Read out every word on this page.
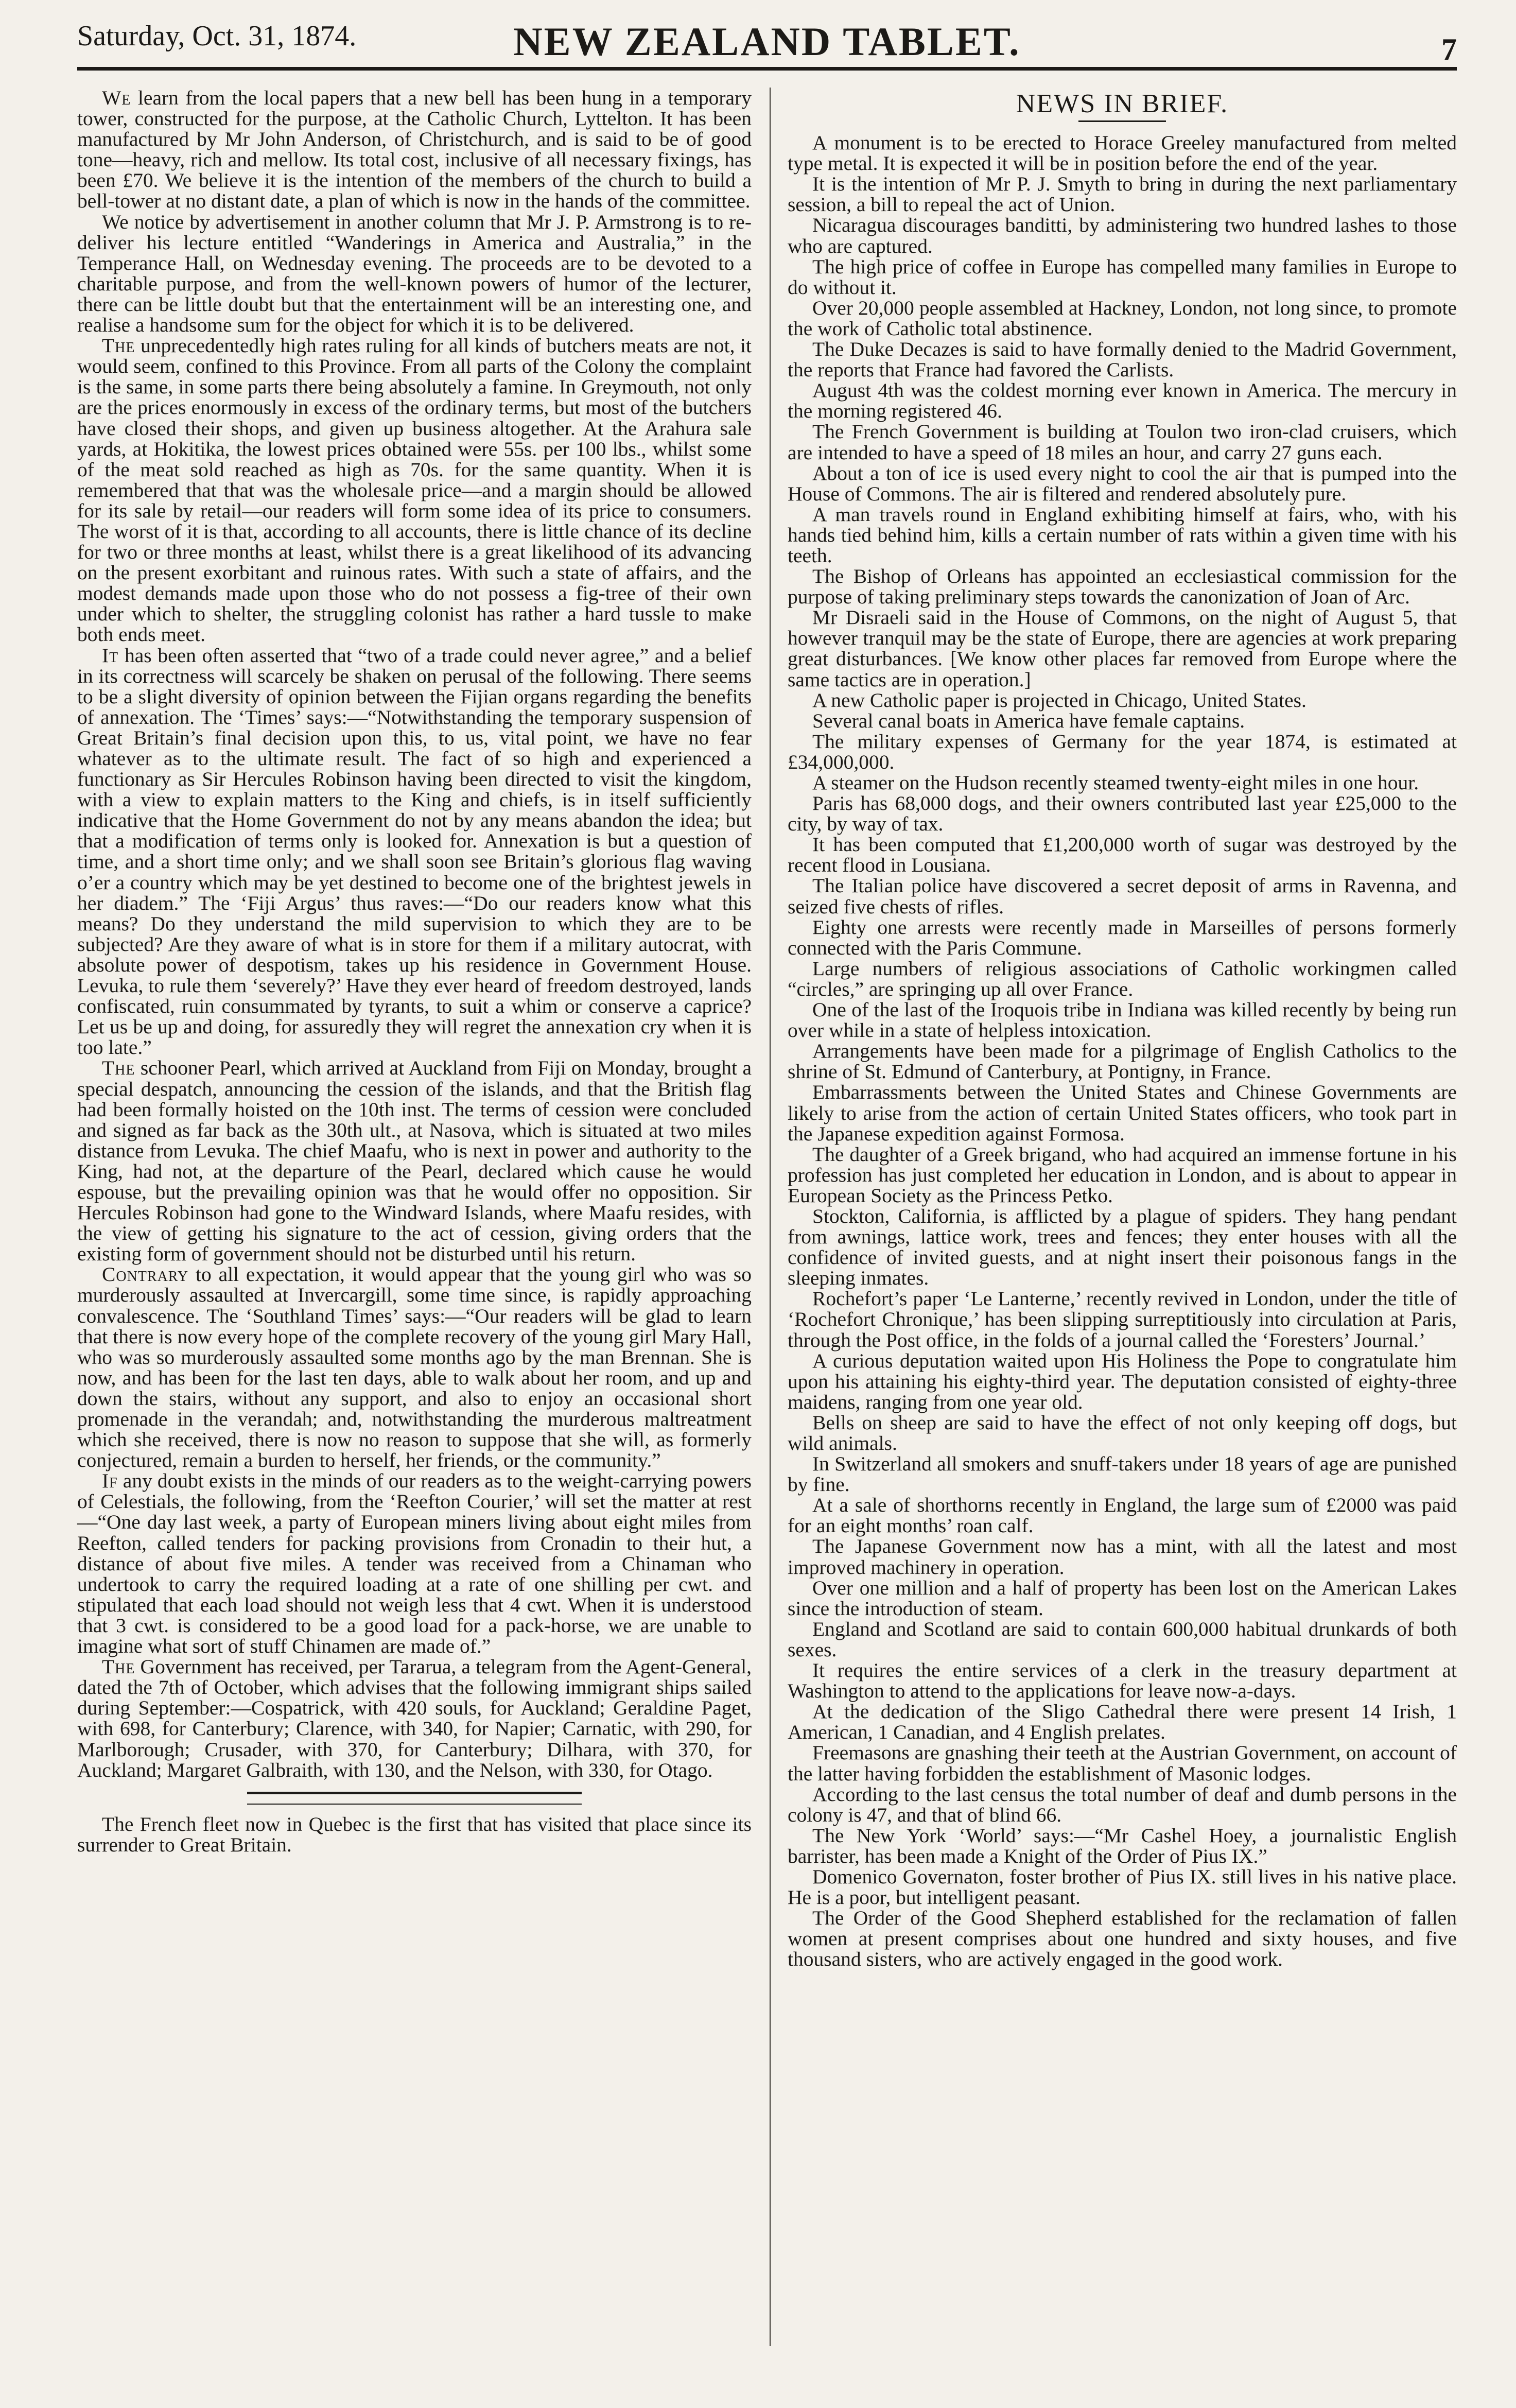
Saturday, Oct. 31, 1874.	NEW ZEALAND TABLET.	7

We learn from the local papers that a new bell has been hung in a temporary tower, constructed for the purpose, at the Catholic Church, Lyttelton. It has been manufactured by Mr John Anderson, of Christchurch, and is said to be of good tone—heavy, rich and mellow. Its total cost, inclusive of all necessary fixings, has been £70. We believe it is the intention of the members of the church to build a bell-tower at no distant date, a plan of which is now in the hands of the committee.

We notice by advertisement in another column that Mr J. P. Armstrong is to re-deliver his lecture entitled “Wanderings in America and Australia,” in the Temperance Hall, on Wednesday evening. The proceeds are to be devoted to a charitable purpose, and from the well-known powers of humor of the lecturer, there can be little doubt but that the entertainment will be an interesting one, and realise a handsome sum for the object for which it is to be delivered.

The unprecedentedly high rates ruling for all kinds of butchers meats are not, it would seem, confined to this Province. From all parts of the Colony the complaint is the same, in some parts there being absolutely a famine. In Greymouth, not only are the prices enormously in excess of the ordinary terms, but most of the butchers have closed their shops, and given up business altogether. At the Arahura sale yards, at Hokitika, the lowest prices obtained were 55s. per 100 lbs., whilst some of the meat sold reached as high as 70s. for the same quantity. When it is remembered that that was the wholesale price—and a margin should be allowed for its sale by retail—our readers will form some idea of its price to consumers. The worst of it is that, according to all accounts, there is little chance of its decline for two or three months at least, whilst there is a great likelihood of its advancing on the present exorbitant and ruinous rates. With such a state of affairs, and the modest demands made upon those who do not possess a fig-tree of their own under which to shelter, the struggling colonist has rather a hard tussle to make both ends meet.

It has been often asserted that “two of a trade could never agree,” and a belief in its correctness will scarcely be shaken on perusal of the following. There seems to be a slight diversity of opinion between the Fijian organs regarding the benefits of annexation. The ‘Times’ says:—“Notwithstanding the temporary suspension of Great Britain’s final decision upon this, to us, vital point, we have no fear whatever as to the ultimate result. The fact of so high and experienced a functionary as Sir Hercules Robinson having been directed to visit the kingdom, with a view to explain matters to the King and chiefs, is in itself sufficiently indicative that the Home Government do not by any means abandon the idea; but that a modification of terms only is looked for. Annexation is but a question of time, and a short time only; and we shall soon see Britain’s glorious flag waving o’er a country which may be yet destined to become one of the brightest jewels in her diadem.” The ‘Fiji Argus’ thus raves:—“Do our readers know what this means? Do they understand the mild supervision to which they are to be subjected? Are they aware of what is in store for them if a military autocrat, with absolute power of despotism, takes up his residence in Government House. Levuka, to rule them ‘severely?’ Have they ever heard of freedom destroyed, lands confiscated, ruin consummated by tyrants, to suit a whim or conserve a caprice? Let us be up and doing, for assuredly they will regret the annexation cry when it is too late.”

The schooner Pearl, which arrived at Auckland from Fiji on Monday, brought a special despatch, announcing the cession of the islands, and that the British flag had been formally hoisted on the 10th inst. The terms of cession were concluded and signed as far back as the 30th ult., at Nasova, which is situated at two miles distance from Levuka. The chief Maafu, who is next in power and authority to the King, had not, at the departure of the Pearl, declared which cause he would espouse, but the prevailing opinion was that he would offer no opposition. Sir Hercules Robinson had gone to the Windward Islands, where Maafu resides, with the view of getting his signature to the act of cession, giving orders that the existing form of government should not be disturbed until his return.

Contrary to all expectation, it would appear that the young girl who was so murderously assaulted at Invercargill, some time since, is rapidly approaching convalescence. The ‘Southland Times’ says:—“Our readers will be glad to learn that there is now every hope of the complete recovery of the young girl Mary Hall, who was so murderously assaulted some months ago by the man Brennan. She is now, and has been for the last ten days, able to walk about her room, and up and down the stairs, without any support, and also to enjoy an occasional short promenade in the verandah; and, notwithstanding the murderous maltreatment which she received, there is now no reason to suppose that she will, as formerly conjectured, remain a burden to herself, her friends, or the community.”

If any doubt exists in the minds of our readers as to the weight-carrying powers of Celestials, the following, from the ‘Reefton Courier,’ will set the matter at rest—“One day last week, a party of European miners living about eight miles from Reefton, called tenders for packing provisions from Cronadin to their hut, a distance of about five miles. A tender was received from a Chinaman who undertook to carry the required loading at a rate of one shilling per cwt. and stipulated that each load should not weigh less that 4 cwt. When it is understood that 3 cwt. is considered to be a good load for a pack-horse, we are unable to imagine what sort of stuff Chinamen are made of.”

The Government has received, per Tararua, a telegram from the Agent-General, dated the 7th of October, which advises that the following immigrant ships sailed during September:—Cospatrick, with 420 souls, for Auckland; Geraldine Paget, with 698, for Canterbury; Clarence, with 340, for Napier; Carnatic, with 290, for Marlborough; Crusader, with 370, for Canterbury; Dilhara, with 370, for Auckland; Margaret Galbraith, with 130, and the Nelson, with 330, for Otago.

The French fleet now in Quebec is the first that has visited that place since its surrender to Great Britain.

NEWS IN BRIEF.

A monument is to be erected to Horace Greeley manufactured from melted type metal. It is expected it will be in position before the end of the year.

It is the intention of Mr P. J. Smyth to bring in during the next parliamentary session, a bill to repeal the act of Union.

Nicaragua discourages banditti, by administering two hundred lashes to those who are captured.

The high price of coffee in Europe has compelled many families in Europe to do without it.

Over 20,000 people assembled at Hackney, London, not long since, to promote the work of Catholic total abstinence.

The Duke Decazes is said to have formally denied to the Madrid Government, the reports that France had favored the Carlists.

August 4th was the coldest morning ever known in America. The mercury in the morning registered 46.

The French Government is building at Toulon two iron-clad cruisers, which are intended to have a speed of 18 miles an hour, and carry 27 guns each.

About a ton of ice is used every night to cool the air that is pumped into the House of Commons. The air is filtered and rendered absolutely pure.

A man travels round in England exhibiting himself at fairs, who, with his hands tied behind him, kills a certain number of rats within a given time with his teeth.

The Bishop of Orleans has appointed an ecclesiastical commission for the purpose of taking preliminary steps towards the canonization of Joan of Arc.

Mr Disraeli said in the House of Commons, on the night of August 5, that however tranquil may be the state of Europe, there are agencies at work preparing great disturbances. [We know other places far removed from Europe where the same tactics are in operation.]

A new Catholic paper is projected in Chicago, United States.

Several canal boats in America have female captains.

The military expenses of Germany for the year 1874, is estimated at £34,000,000.

A steamer on the Hudson recently steamed twenty-eight miles in one hour.

Paris has 68,000 dogs, and their owners contributed last year £25,000 to the city, by way of tax.

It has been computed that £1,200,000 worth of sugar was destroyed by the recent flood in Lousiana.

The Italian police have discovered a secret deposit of arms in Ravenna, and seized five chests of rifles.

Eighty one arrests were recently made in Marseilles of persons formerly connected with the Paris Commune.

Large numbers of religious associations of Catholic workingmen called “circles,” are springing up all over France.

One of the last of the Iroquois tribe in Indiana was killed recently by being run over while in a state of helpless intoxication.

Arrangements have been made for a pilgrimage of English Catholics to the shrine of St. Edmund of Canterbury, at Pontigny, in France.

Embarrassments between the United States and Chinese Governments are likely to arise from the action of certain United States officers, who took part in the Japanese expedition against Formosa.

The daughter of a Greek brigand, who had acquired an immense fortune in his profession has just completed her education in London, and is about to appear in European Society as the Princess Petko.

Stockton, California, is afflicted by a plague of spiders. They hang pendant from awnings, lattice work, trees and fences; they enter houses with all the confidence of invited guests, and at night insert their poisonous fangs in the sleeping inmates.

Rochefort’s paper ‘Le Lanterne,’ recently revived in London, under the title of ‘Rochefort Chronique,’ has been slipping surreptitiously into circulation at Paris, through the Post office, in the folds of a journal called the ‘Foresters’ Journal.’

A curious deputation waited upon His Holiness the Pope to congratulate him upon his attaining his eighty-third year. The deputation consisted of eighty-three maidens, ranging from one year old.

Bells on sheep are said to have the effect of not only keeping off dogs, but wild animals.

In Switzerland all smokers and snuff-takers under 18 years of age are punished by fine.

At a sale of shorthorns recently in England, the large sum of £2000 was paid for an eight months’ roan calf.

The Japanese Government now has a mint, with all the latest and most improved machinery in operation.

Over one million and a half of property has been lost on the American Lakes since the introduction of steam.

England and Scotland are said to contain 600,000 habitual drunkards of both sexes.

It requires the entire services of a clerk in the treasury department at Washington to attend to the applications for leave now-a-days.

At the dedication of the Sligo Cathedral there were present 14 Irish, 1 American, 1 Canadian, and 4 English prelates.

Freemasons are gnashing their teeth at the Austrian Government, on account of the latter having forbidden the establishment of Masonic lodges.

According to the last census the total number of deaf and dumb persons in the colony is 47, and that of blind 66.

The New York ‘World’ says:—“Mr Cashel Hoey, a journalistic English barrister, has been made a Knight of the Order of Pius IX.”

Domenico Governaton, foster brother of Pius IX. still lives in his native place. He is a poor, but intelligent peasant.

The Order of the Good Shepherd established for the reclamation of fallen women at present comprises about one hundred and sixty houses, and five thousand sisters, who are actively engaged in the good work.
